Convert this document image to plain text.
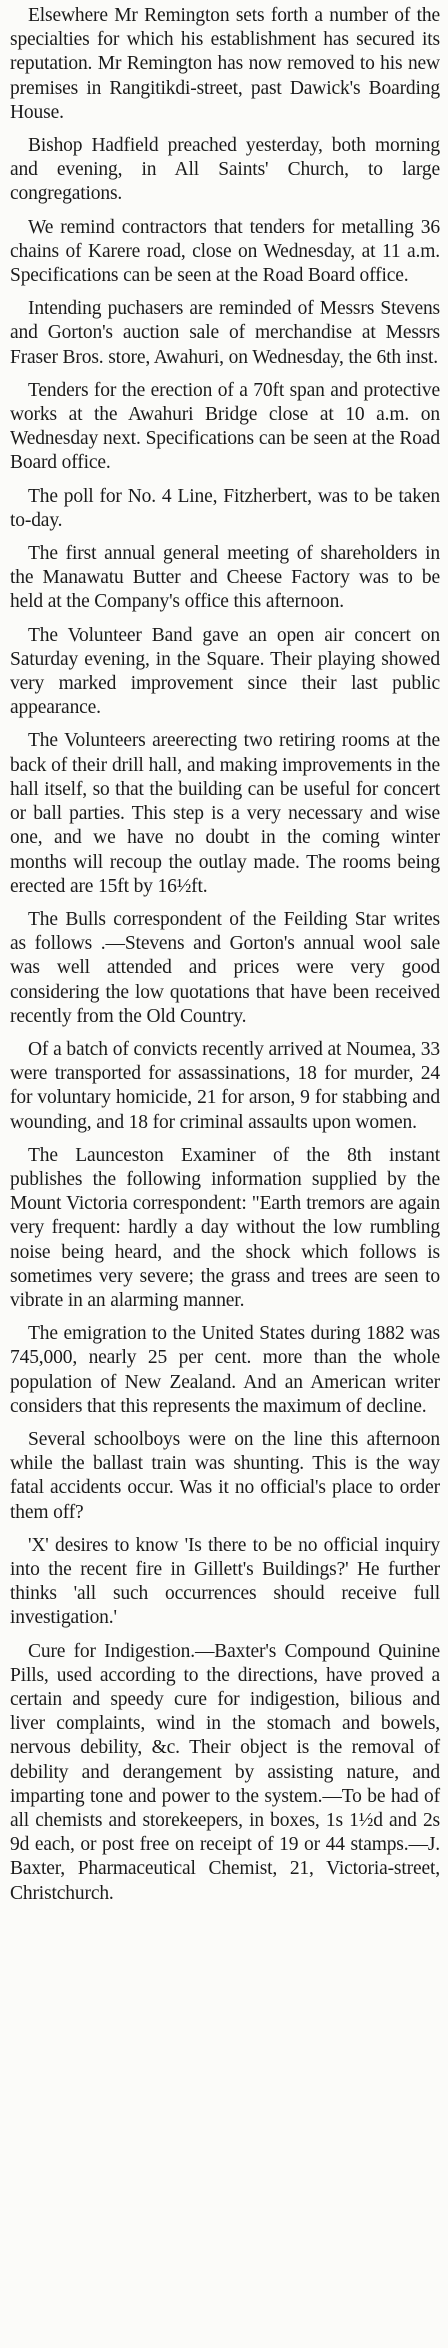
Elsewhere Mr Remington sets forth a number of the specialties for which his establishment has secured its reputation. Mr Remington has now removed to his new premises in Rangitikdi-street, past Dawick's Boarding House.

Bishop Hadfield preached yesterday, both morning and evening, in All Saints' Church, to large congregations.

We remind contractors that tenders for metalling 36 chains of Karere road, close on Wednesday, at 11 a.m. Specifications can be seen at the Road Board office.

Intending puchasers are reminded of Messrs Stevens and Gorton's auction sale of merchandise at Messrs Fraser Bros. store, Awahuri, on Wednesday, the 6th inst.

Tenders for the erection of a 70ft span and protective works at the Awahuri Bridge close at 10 a.m. on Wednesday next. Specifications can be seen at the Road Board office.

The poll for No. 4 Line, Fitzherbert, was to be taken to-day.

The first annual general meeting of shareholders in the Manawatu Butter and Cheese Factory was to be held at the Company's office this afternoon.

The Volunteer Band gave an open air concert on Saturday evening, in the Square. Their playing showed very marked improvement since their last public appearance.

The Volunteers areerecting two retiring rooms at the back of their drill hall, and making improvements in the hall itself, so that the building can be useful for concert or ball parties. This step is a very necessary and wise one, and we have no doubt in the coming winter months will recoup the outlay made. The rooms being erected are 15ft by 16½ft.

The Bulls correspondent of the Feilding Star writes as follows .—Stevens and Gorton's annual wool sale was well attended and prices were very good considering the low quotations that have been received recently from the Old Country.

Of a batch of convicts recently arrived at Noumea, 33 were transported for assassinations, 18 for murder, 24 for voluntary homicide, 21 for arson, 9 for stabbing and wounding, and 18 for criminal assaults upon women.

The Launceston Examiner of the 8th instant publishes the following information supplied by the Mount Victoria correspondent: "Earth tremors are again very frequent: hardly a day without the low rumbling noise being heard, and the shock which follows is sometimes very severe; the grass and trees are seen to vibrate in an alarming manner.

The emigration to the United States during 1882 was 745,000, nearly 25 per cent. more than the whole population of New Zealand. And an American writer considers that this represents the maximum of decline.

Several schoolboys were on the line this afternoon while the ballast train was shunting. This is the way fatal accidents occur. Was it no official's place to order them off?

'X' desires to know 'Is there to be no official inquiry into the recent fire in Gillett's Buildings?' He further thinks 'all such occurrences should receive full investigation.'

Cure for Indigestion.—Baxter's Compound Quinine Pills, used according to the directions, have proved a certain and speedy cure for indigestion, bilious and liver complaints, wind in the stomach and bowels, nervous debility, &c. Their object is the removal of debility and derangement by assisting nature, and imparting tone and power to the system.—To be had of all chemists and storekeepers, in boxes, 1s 1½d and 2s 9d each, or post free on receipt of 19 or 44 stamps.—J. Baxter, Pharmaceutical Chemist, 21, Victoria-street, Christchurch.
